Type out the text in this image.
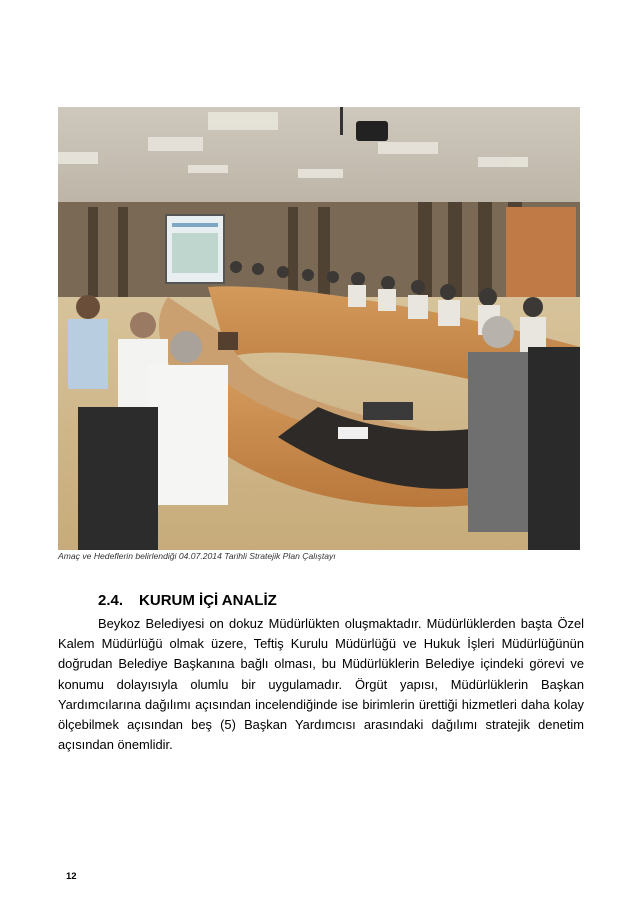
Amaç ve Hedeflerin belirlendiği 04.07.2014 Tarihli Stratejik Plan Çalıştayı
2.4. KURUM İÇİ ANALİZ

Beykoz Belediyesi on dokuz Müdürlükten oluşmaktadır. Müdürlüklerden başta Özel Kalem Müdürlüğü olmak üzere, Teftiş Kurulu Müdürlüğü ve Hukuk İşleri Müdürlüğünün doğrudan Belediye Başkanına bağlı olması, bu Müdürlüklerin Belediye içindeki görevi ve konumu dolayısıyla olumlu bir uygulamadır. Örgüt yapısı, Müdürlüklerin Başkan Yardımcılarına dağılımı açısından incelendiğinde ise birimlerin ürettiği hizmetleri daha kolay ölçebilmek açısından beş (5) Başkan Yardımcısı arasındaki dağılımı stratejik denetim açısından önemlidir.

12
